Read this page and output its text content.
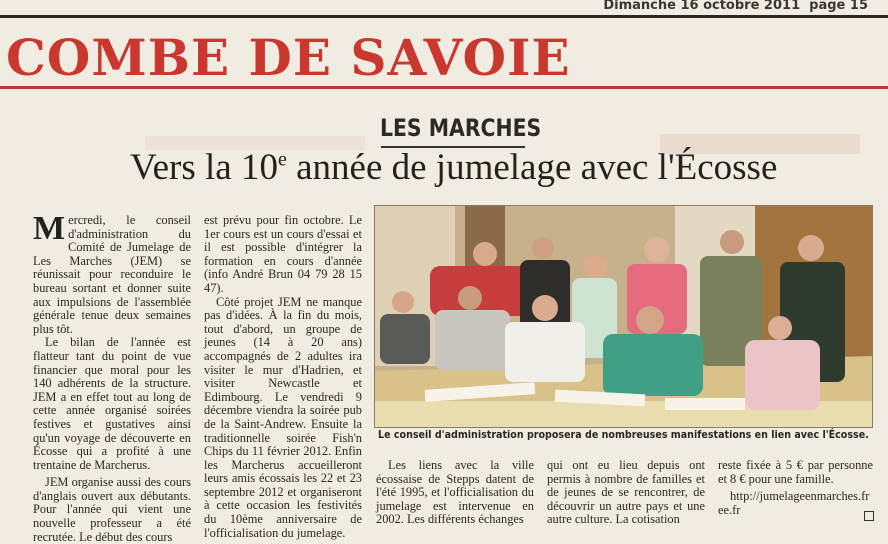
Dimanche 16 octobre 2011 page 15
COMBE DE SAVOIE
LES MARCHES
Vers la 10e année de jumelage avec l'Écosse

Mercredi, le conseil d'administration du Comité de Jumelage de Les Marches (JEM) se réunissait pour reconduire le bureau sortant et donner suite aux impulsions de l'assemblée générale tenue deux semaines plus tôt.

Le bilan de l'année est flatteur tant du point de vue financier que moral pour les 140 adhérents de la structure. JEM a en effet tout au long de cette année organisé soirées festives et gustatives ainsi qu'un voyage de découverte en Écosse qui a profité à une trentaine de Marcherus.

JEM organise aussi des cours d'anglais ouvert aux débutants. Pour l'année qui vient une nouvelle professeur a été recrutée. Le début des cours

est prévu pour fin octobre. Le 1er cours est un cours d'essai et il est possible d'intégrer la formation en cours d'année (info André Brun 04 79 28 15 47).

Côté projet JEM ne manque pas d'idées. À la fin du mois, tout d'abord, un groupe de jeunes (14 à 20 ans) accompagnés de 2 adultes ira visiter le mur d'Hadrien, et visiter Newcastle et Edimbourg. Le vendredi 9 décembre viendra la soirée pub de la Saint-Andrew. Ensuite la traditionnelle soirée Fish'n Chips du 11 février 2012. Enfin les Marcherus accueilleront leurs amis écossais les 22 et 23 septembre 2012 et organiseront à cette occasion les festivités du 10ème anniversaire de l'officialisation du jumelage.

Le conseil d'administration proposera de nombreuses manifestations en lien avec l'Écosse.

Les liens avec la ville écossaise de Stepps datent de l'été 1995, et l'officialisation du jumelage est intervenue en 2002. Les différents échanges

qui ont eu lieu depuis ont permis à nombre de familles et de jeunes de se rencontrer, de découvrir un autre pays et une autre culture. La cotisation

reste fixée à 5 € par personne et 8 € pour une famille.

http://jumelageenmarches.free.fr
